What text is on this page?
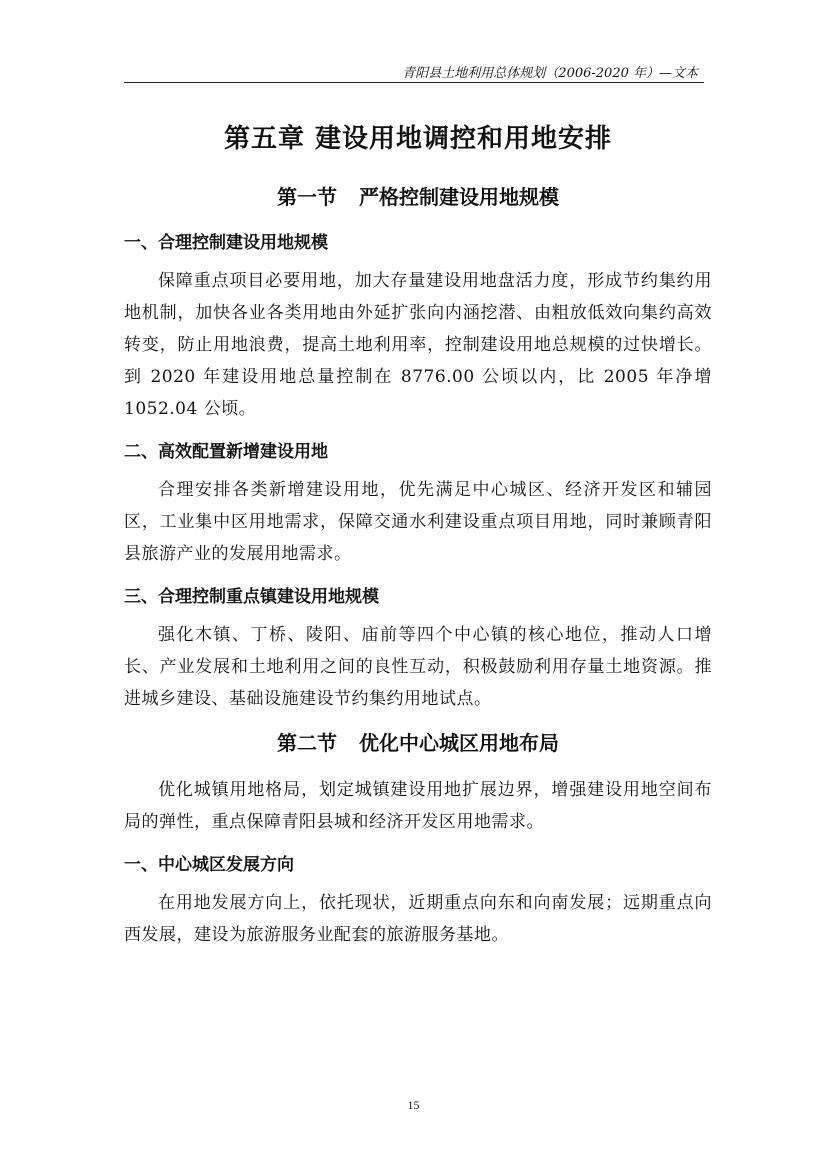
青阳县土地利用总体规划（2006-2020 年）—文本
第五章 建设用地调控和用地安排
第一节 严格控制建设用地规模
一、合理控制建设用地规模

保障重点项目必要用地，加大存量建设用地盘活力度，形成节约集约用地机制，加快各业各类用地由外延扩张向内涵挖潜、由粗放低效向集约高效转变，防止用地浪费，提高土地利用率，控制建设用地总规模的过快增长。到 2020 年建设用地总量控制在 8776.00 公顷以内，比 2005 年净增 1052.04 公顷。

二、高效配置新增建设用地

合理安排各类新增建设用地，优先满足中心城区、经济开发区和辅园区，工业集中区用地需求，保障交通水利建设重点项目用地，同时兼顾青阳县旅游产业的发展用地需求。

三、合理控制重点镇建设用地规模

强化木镇、丁桥、陵阳、庙前等四个中心镇的核心地位，推动人口增长、产业发展和土地利用之间的良性互动，积极鼓励利用存量土地资源。推进城乡建设、基础设施建设节约集约用地试点。

第二节 优化中心城区用地布局

优化城镇用地格局，划定城镇建设用地扩展边界，增强建设用地空间布局的弹性，重点保障青阳县城和经济开发区用地需求。

一、中心城区发展方向

在用地发展方向上，依托现状，近期重点向东和向南发展；远期重点向西发展，建设为旅游服务业配套的旅游服务基地。

15
